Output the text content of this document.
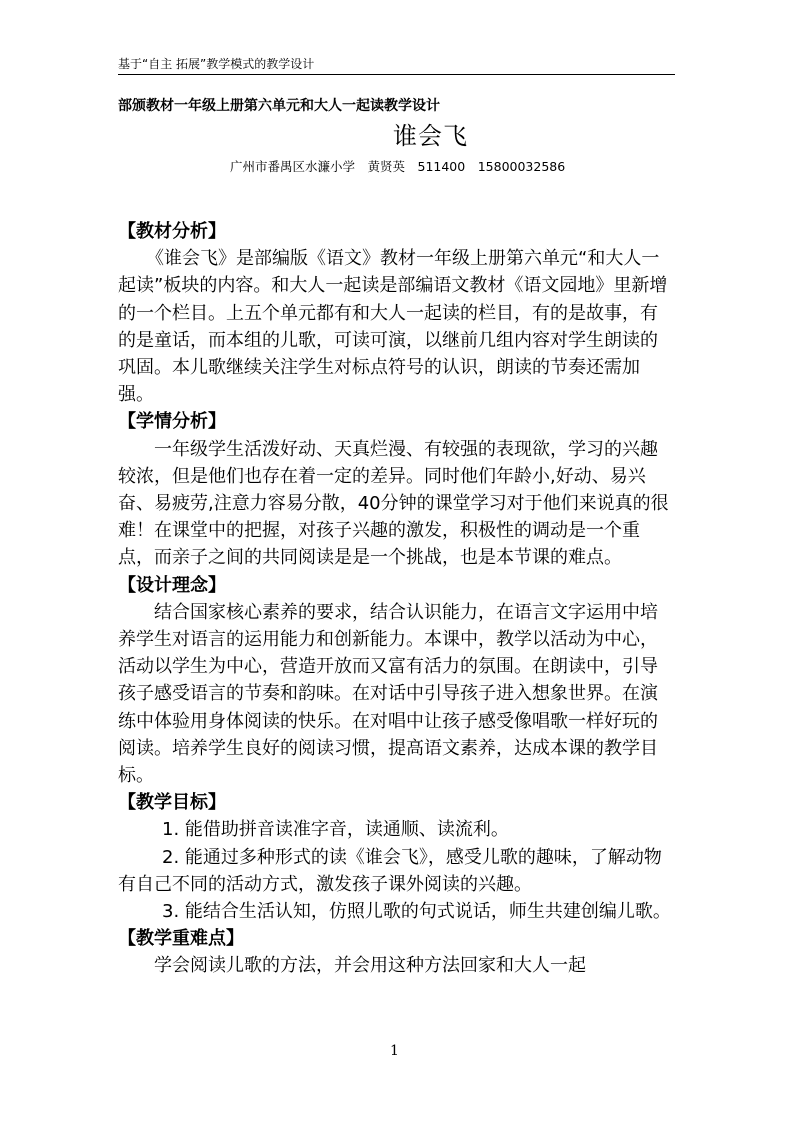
基于“自主 拓展”教学模式的教学设计
部颁教材一年级上册第六单元和大人一起读教学设计
谁会飞
广州市番禺区水濂小学　黄贤英　511400　15800032586

【教材分析】

《谁会飞》是部编版《语文》教材一年级上册第六单元“和大人一起读”板块的内容。和大人一起读是部编语文教材《语文园地》里新增的一个栏目。上五个单元都有和大人一起读的栏目，有的是故事，有的是童话，而本组的儿歌，可读可演，以继前几组内容对学生朗读的巩固。本儿歌继续关注学生对标点符号的认识，朗读的节奏还需加强。

【学情分析】

一年级学生活泼好动、天真烂漫、有较强的表现欲，学习的兴趣较浓，但是他们也存在着一定的差异。同时他们年龄小,好动、易兴奋、易疲劳,注意力容易分散，40分钟的课堂学习对于他们来说真的很难！在课堂中的把握，对孩子兴趣的激发，积极性的调动是一个重点，而亲子之间的共同阅读是是一个挑战，也是本节课的难点。

【设计理念】

结合国家核心素养的要求，结合认识能力，在语言文字运用中培养学生对语言的运用能力和创新能力。本课中，教学以活动为中心，活动以学生为中心，营造开放而又富有活力的氛围。在朗读中，引导孩子感受语言的节奏和韵味。在对话中引导孩子进入想象世界。在演练中体验用身体阅读的快乐。在对唱中让孩子感受像唱歌一样好玩的阅读。培养学生良好的阅读习惯，提高语文素养，达成本课的教学目标。

【教学目标】

1. 能借助拼音读准字音，读通顺、读流利。

2. 能通过多种形式的读《谁会飞》，感受儿歌的趣味，了解动物有自己不同的活动方式，激发孩子课外阅读的兴趣。

3. 能结合生活认知，仿照儿歌的句式说话，师生共建创编儿歌。

【教学重难点】

学会阅读儿歌的方法，并会用这种方法回家和大人一起

1
